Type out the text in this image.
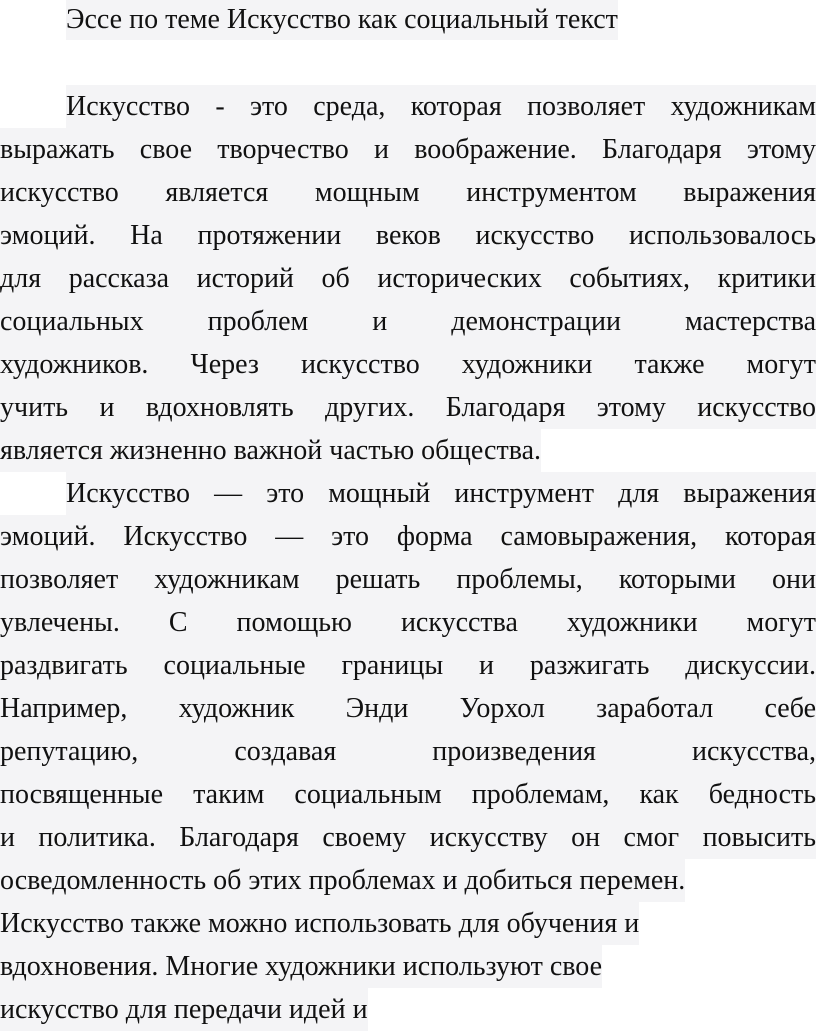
Эссе по теме Искусство как социальный текст
Искусство - это среда, которая позволяет художникам
выражать свое творчество и воображение. Благодаря этому
искусство является мощным инструментом выражения
эмоций. На протяжении веков искусство использовалось
для рассказа историй об исторических событиях, критики
социальных проблем и демонстрации мастерства
художников. Через искусство художники также могут
учить и вдохновлять других. Благодаря этому искусство
является жизненно важной частью общества.
Искусство — это мощный инструмент для выражения
эмоций. Искусство — это форма самовыражения, которая
позволяет художникам решать проблемы, которыми они
увлечены. С помощью искусства художники могут
раздвигать социальные границы и разжигать дискуссии.
Например, художник Энди Уорхол заработал себе
репутацию, создавая произведения искусства,
посвященные таким социальным проблемам, как бедность
и политика. Благодаря своему искусству он смог повысить
осведомленность об этих проблемах и добиться перемен.
Искусство также можно использовать для обучения и
вдохновения. Многие художники используют свое
искусство для передачи идей и
